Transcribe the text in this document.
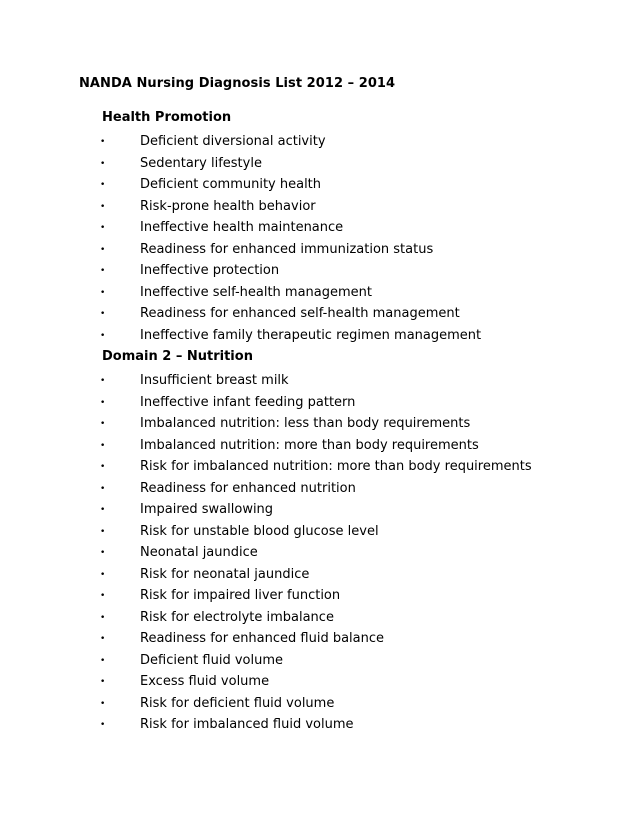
NANDA Nursing Diagnosis List 2012 – 2014
Health Promotion
•	Deficient diversional activity
•	Sedentary lifestyle
•	Deficient community health
•	Risk-prone health behavior
•	Ineffective health maintenance
•	Readiness for enhanced immunization status
•	Ineffective protection
•	Ineffective self-health management
•	Readiness for enhanced self-health management
•	Ineffective family therapeutic regimen management
Domain 2 – Nutrition
•	Insufficient breast milk
•	Ineffective infant feeding pattern
•	Imbalanced nutrition: less than body requirements
•	Imbalanced nutrition: more than body requirements
•	Risk for imbalanced nutrition: more than body requirements
•	Readiness for enhanced nutrition
•	Impaired swallowing
•	Risk for unstable blood glucose level
•	Neonatal jaundice
•	Risk for neonatal jaundice
•	Risk for impaired liver function
•	Risk for electrolyte imbalance
•	Readiness for enhanced fluid balance
•	Deficient fluid volume
•	Excess fluid volume
•	Risk for deficient fluid volume
•	Risk for imbalanced fluid volume
